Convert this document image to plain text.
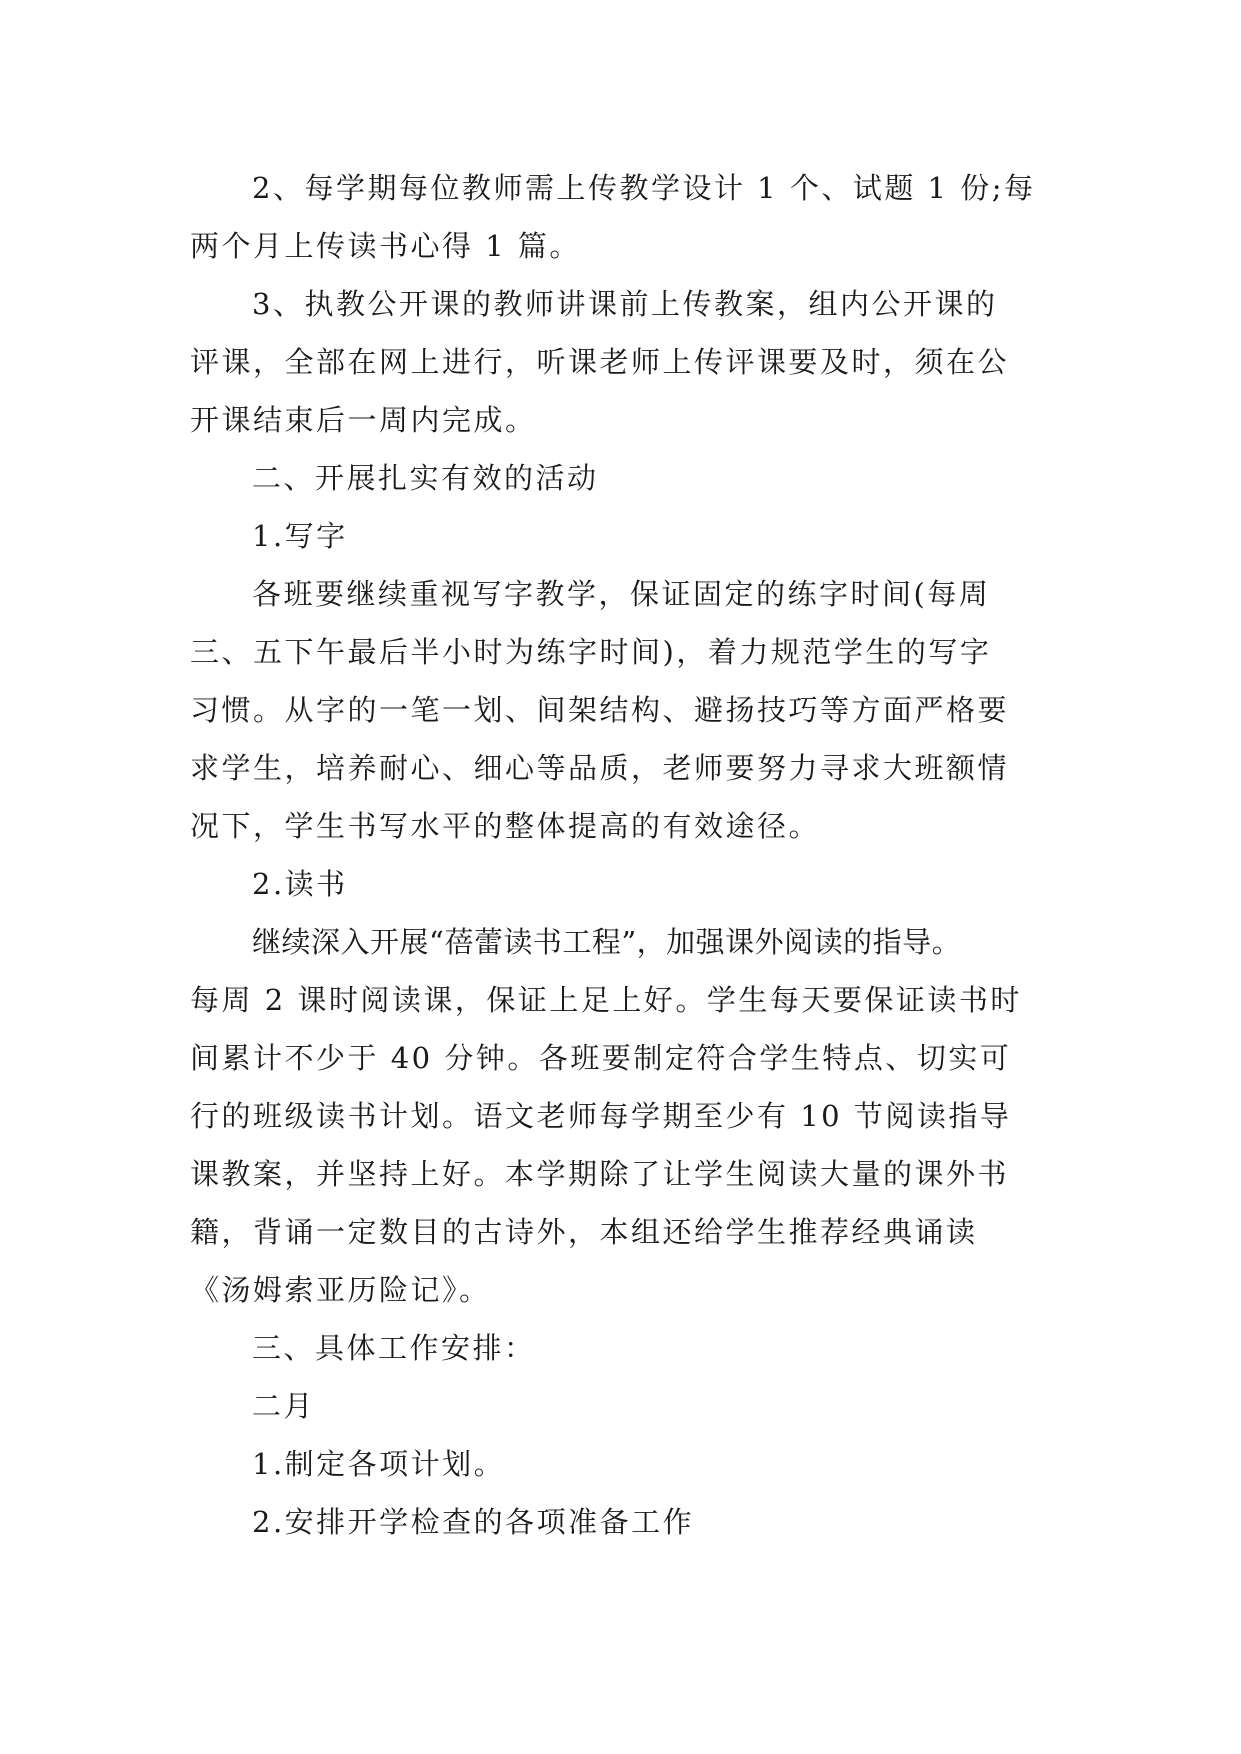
2、每学期每位教师需上传教学设计 1 个、试题 1 份;每
两个月上传读书心得 1 篇。
3、执教公开课的教师讲课前上传教案，组内公开课的
评课，全部在网上进行，听课老师上传评课要及时，须在公
开课结束后一周内完成。
二、开展扎实有效的活动
1.写字
各班要继续重视写字教学，保证固定的练字时间(每周
三、五下午最后半小时为练字时间)，着力规范学生的写字
习惯。从字的一笔一划、间架结构、避扬技巧等方面严格要
求学生，培养耐心、细心等品质，老师要努力寻求大班额情
况下，学生书写水平的整体提高的有效途径。
2.读书
继续深入开展“蓓蕾读书工程”，加强课外阅读的指导。
每周 2 课时阅读课，保证上足上好。学生每天要保证读书时
间累计不少于 40 分钟。各班要制定符合学生特点、切实可
行的班级读书计划。语文老师每学期至少有 10 节阅读指导
课教案，并坚持上好。本学期除了让学生阅读大量的课外书
籍，背诵一定数目的古诗外，本组还给学生推荐经典诵读
《汤姆索亚历险记》。
三、具体工作安排：
二月
1.制定各项计划。
2.安排开学检查的各项准备工作
